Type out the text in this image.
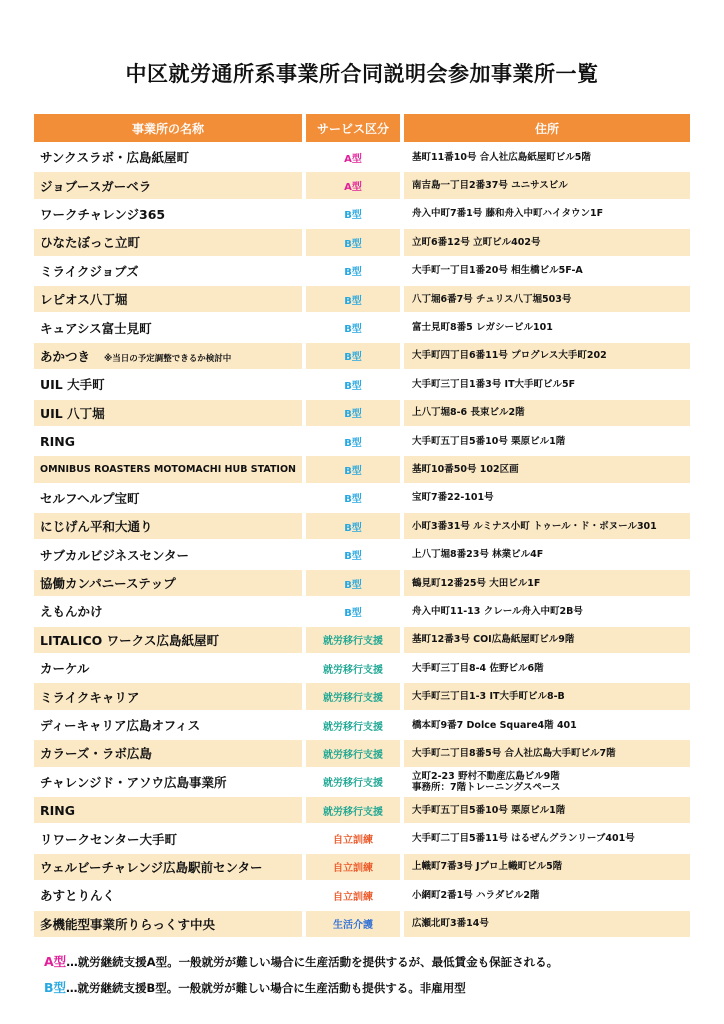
中区就労通所系事業所合同説明会参加事業所一覧
事業所の名称	サービス区分	住所
サンクスラボ・広島紙屋町	A型	基町11番10号 合人社広島紙屋町ビル5階

ジョブースガーベラ	A型	南吉島一丁目2番37号 ユニサスビル

ワークチャレンジ365	B型	舟入中町7番1号 藤和舟入中町ハイタウン1F

ひなたぼっこ立町	B型	立町6番12号 立町ビル402号

ミライクジョブズ	B型	大手町一丁目1番20号 相生橋ビル5F-A

レピオス八丁堀	B型	八丁堀6番7号 チュリス八丁堀503号

キュアシス富士見町	B型	富士見町8番5 レガシービル101

あかつき ※当日の予定調整できるか検討中	B型	大手町四丁目6番11号 プログレス大手町202

UIL 大手町	B型	大手町三丁目1番3号 IT大手町ビル5F

UIL 八丁堀	B型	上八丁堀8-6 長束ビル2階

RING	B型	大手町五丁目5番10号 栗原ビル1階

OMNIBUS ROASTERS MOTOMACHI HUB STATION	B型	基町10番50号 102区画

セルフヘルプ宝町	B型	宝町7番22-101号

にじげん平和大通り	B型	小町3番31号 ルミナス小町 トゥール・ド・ボヌール301

サブカルビジネスセンター	B型	上八丁堀8番23号 林業ビル4F

協働カンパニーステップ	B型	鶴見町12番25号 大田ビル1F

えもんかけ	B型	舟入中町11-13 クレール舟入中町2B号

LITALICO ワークス広島紙屋町	就労移行支援	基町12番3号 COI広島紙屋町ビル9階

カーケル	就労移行支援	大手町三丁目8-4 佐野ビル6階

ミライクキャリア	就労移行支援	大手町三丁目1-3 IT大手町ビル8-B

ディーキャリア広島オフィス	就労移行支援	橋本町9番7 Dolce Square4階 401

カラーズ・ラボ広島	就労移行支援	大手町二丁目8番5号 合人社広島大手町ビル7階

チャレンジド・アソウ広島事業所	就労移行支援	立町2-23 野村不動産広島ビル9階
事務所：7階トレーニングスペース

RING	就労移行支援	大手町五丁目5番10号 栗原ビル1階

リワークセンター大手町	自立訓練	大手町二丁目5番11号 はるぜんグランリーブ401号

ウェルビーチャレンジ広島駅前センター	自立訓練	上幟町7番3号 Jプロ上幟町ビル5階

あすとりんく	自立訓練	小網町2番1号 ハラダビル2階

多機能型事業所りらっくす中央	生活介護	広瀬北町3番14号
A型…就労継続支援A型。一般就労が難しい場合に生産活動を提供するが、最低賃金も保証される。
B型…就労継続支援B型。一般就労が難しい場合に生産活動も提供する。非雇用型
